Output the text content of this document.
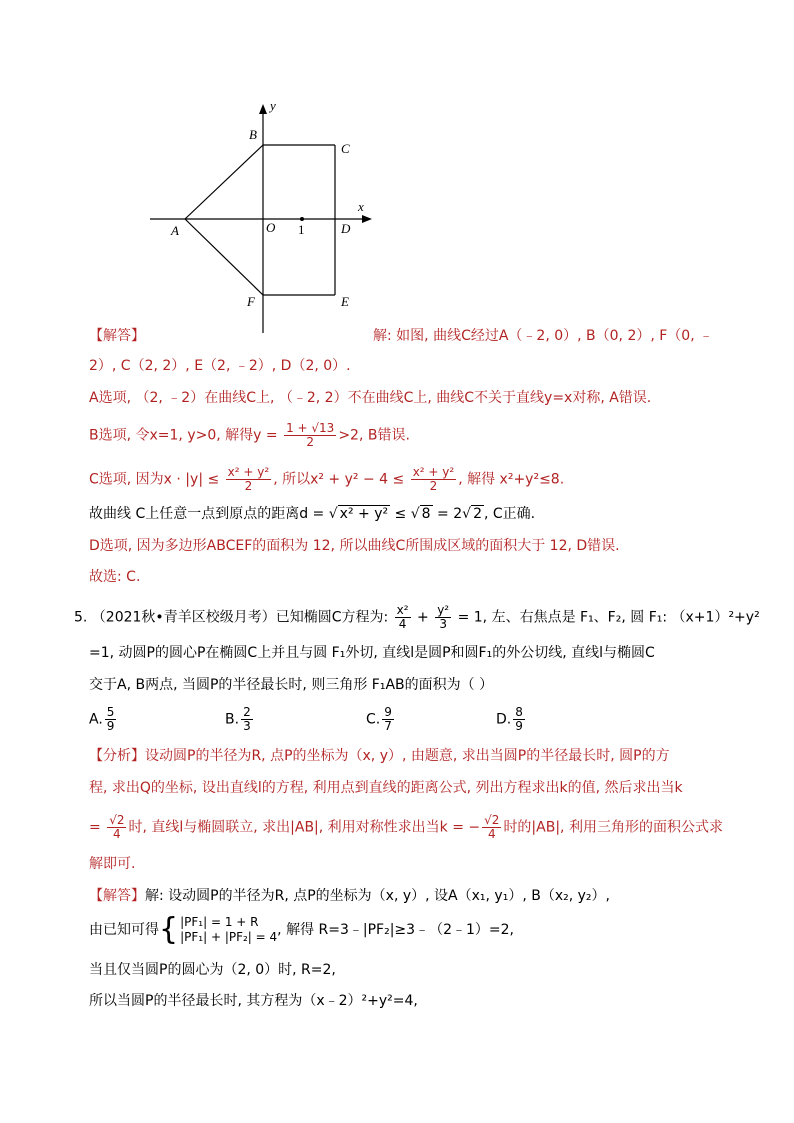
y
x
B
C
A	O 1	D
F	E
【解答】	解: 如图, 曲线C经过A（﹣2, 0）, B（0, 2）, F（0, ﹣
2）, C（2, 2）, E（2, ﹣2）, D（2, 0）.
A选项, （2, ﹣2）在曲线C上, （﹣2, 2）不在曲线C上, 曲线C不关于直线y=x对称, A错误.
B选项, 令x=1, y>0, 解得$y = \frac{1 + √13}{2} >2$, B错误.
C选项, 因为$x \cdot |y| \le \frac{\text{x² + y²}}{2}$ , 所以$x^2 + y^2 - 4 \le \frac{\text{x² + y²}}{2}$ , 解得 x²+y²≤8.
故曲线 C上任意一点到原点的距离d = √ x² + y² ≤ √ 8 = 2√ 2 , C正确.
D选项, 因为多边形ABCEF的面积为 12, 所以曲线C所围成区域的面积大于 12, D错误.
故选: C.
5. （2021秋•青羊区校级月考）已知椭圆C方程为: $\frac{\text{x²}}{4} + \frac{\text{y²}}{3} = 1$, 左、右焦点是 F₁、F₂, 圆 F₁: （x+1）²+y²
=1, 动圆P的圆心P在椭圆C上并且与圆 F₁外切, 直线l是圆P和圆F₁的外公切线, 直线l与椭圆C
交于A, B两点, 当圆P的半径最长时, 则三角形 F₁AB的面积为（ ）
A. $\frac{5}{9}$	B. $\frac{2}{3}$	C. $\frac{9}{7}$	D. $\frac{8}{9}$
【分析】设动圆P的半径为R, 点P的坐标为（x, y）, 由题意, 求出当圆P的半径最长时, 圆P的方
程, 求出Q的坐标, 设出直线l的方程, 利用点到直线的距离公式, 列出方程求出k的值, 然后求出当k
= $\frac{√2}{4}$ 时, 直线l与椭圆联立, 求出|AB|, 利用对称性求出当k = − $\frac{√2}{4}$ 时的|AB|, 利用三角形的面积公式求
解即可.
【解答】解: 设动圆P的半径为R, 点P的坐标为（x, y）, 设A（x₁, y₁）, B（x₂, y₂）,
由已知可得{ |PF₁| = 1 + R
|PF₁| + |PF₂| = 4 , 解得 R=3﹣|PF₂|≥3﹣（2﹣1）=2,
当且仅当圆P的圆心为（2, 0）时, R=2,
所以当圆P的半径最长时, 其方程为（x﹣2）²+y²=4,
